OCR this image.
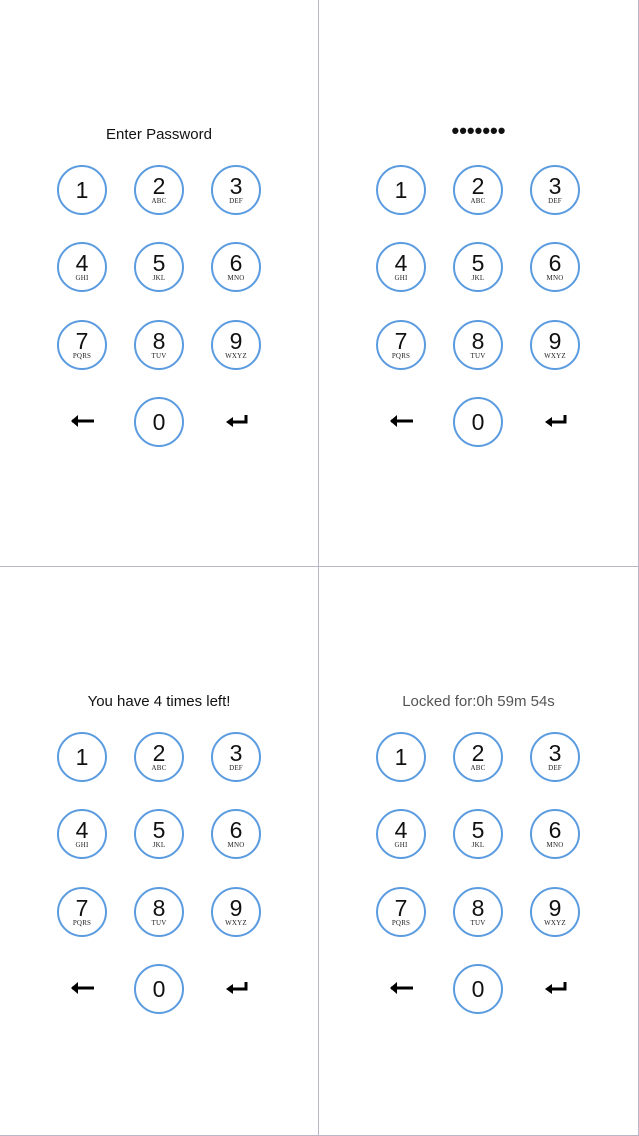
Enter Password
1	2
ABC
3
DEF
4
GHI
5
JKL
6
MNO
7
PQRS
8
TUV
9
WXYZ
0
•••••••
1	2
ABC
3
DEF
4
GHI
5
JKL
6
MNO
7
PQRS
8
TUV
9
WXYZ
0
You have 4 times left!
1	2
ABC
3
DEF
4
GHI
5
JKL
6
MNO
7
PQRS
8
TUV
9
WXYZ
0
Locked for:0h 59m 54s
1	2
ABC
3
DEF
4
GHI
5
JKL
6
MNO
7
PQRS
8
TUV
9
WXYZ
0
